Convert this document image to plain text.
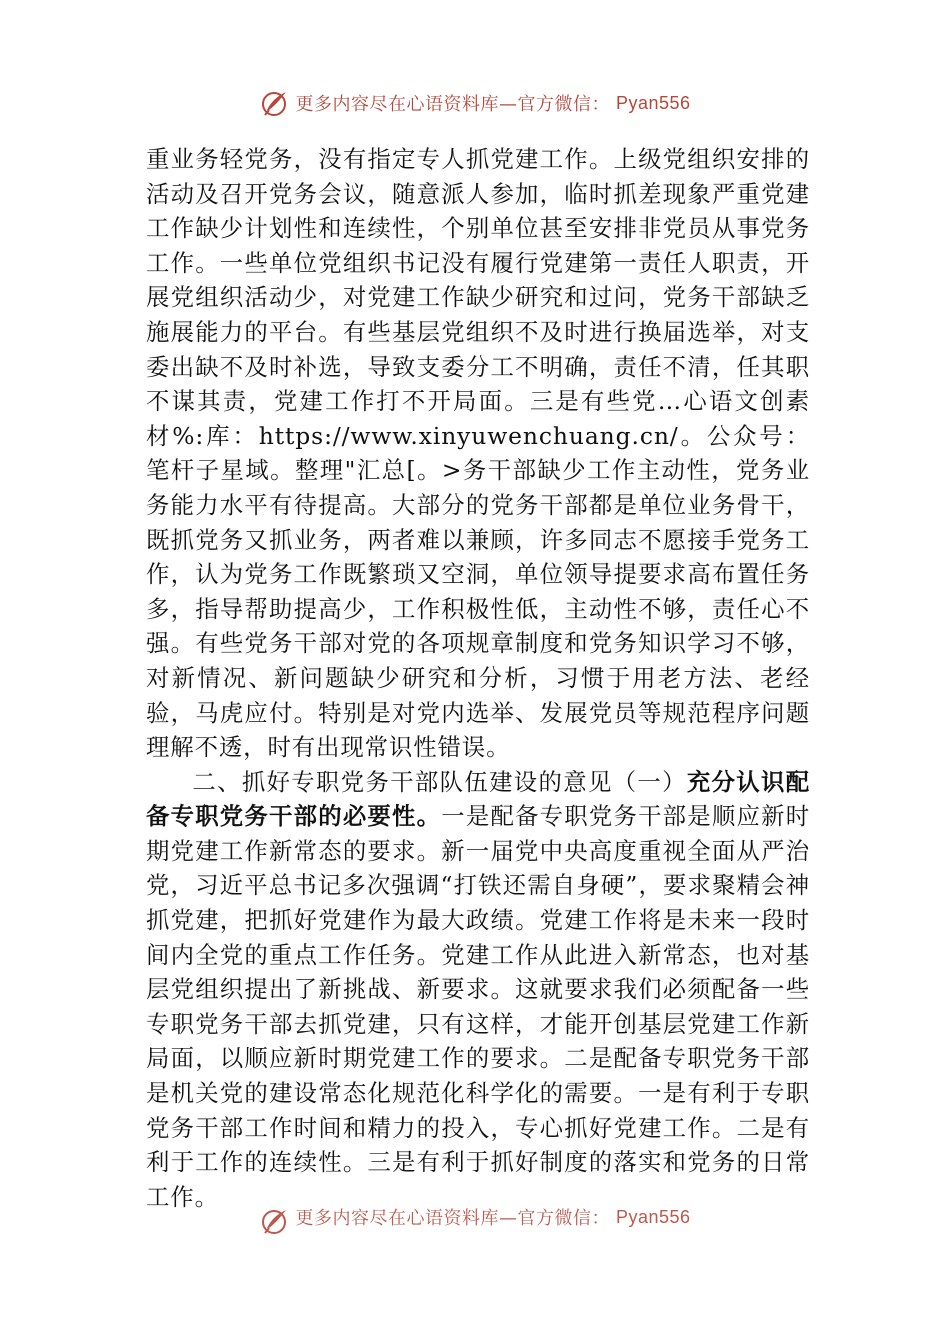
更多内容尽在心语资料库—官方微信： Pyan556

重业务轻党务，没有指定专人抓党建工作。上级党组织安排的活动及召开党务会议，随意派人参加，临时抓差现象严重党建工作缺少计划性和连续性，个别单位甚至安排非党员从事党务工作。一些单位党组织书记没有履行党建第一责任人职责，开展党组织活动少，对党建工作缺少研究和过问，党务干部缺乏施展能力的平台。有些基层党组织不及时进行换届选举，对支委出缺不及时补选，导致支委分工不明确，责任不清，任其职不谋其责，党建工作打不开局面。三是有些党…心语文创素材%:库：https://www.xinyuwenchuang.cn/。公众号：笔杆子星域。整理"汇总[。>务干部缺少工作主动性，党务业务能力水平有待提高。大部分的党务干部都是单位业务骨干，既抓党务又抓业务，两者难以兼顾，许多同志不愿接手党务工作，认为党务工作既繁琐又空洞，单位领导提要求高布置任务多，指导帮助提高少，工作积极性低，主动性不够，责任心不强。有些党务干部对党的各项规章制度和党务知识学习不够，对新情况、新问题缺少研究和分析，习惯于用老方法、老经验，马虎应付。特别是对党内选举、发展党员等规范程序问题理解不透，时有出现常识性错误。

二、抓好专职党务干部队伍建设的意见（一）充分认识配备专职党务干部的必要性。一是配备专职党务干部是顺应新时期党建工作新常态的要求。新一届党中央高度重视全面从严治党，习近平总书记多次强调“打铁还需自身硬”，要求聚精会神抓党建，把抓好党建作为最大政绩。党建工作将是未来一段时间内全党的重点工作任务。党建工作从此进入新常态，也对基层党组织提出了新挑战、新要求。这就要求我们必须配备一些专职党务干部去抓党建，只有这样，才能开创基层党建工作新局面，以顺应新时期党建工作的要求。二是配备专职党务干部是机关党的建设常态化规范化科学化的需要。一是有利于专职党务干部工作时间和精力的投入，专心抓好党建工作。二是有利于工作的连续性。三是有利于抓好制度的落实和党务的日常工作。

更多内容尽在心语资料库—官方微信： Pyan556
